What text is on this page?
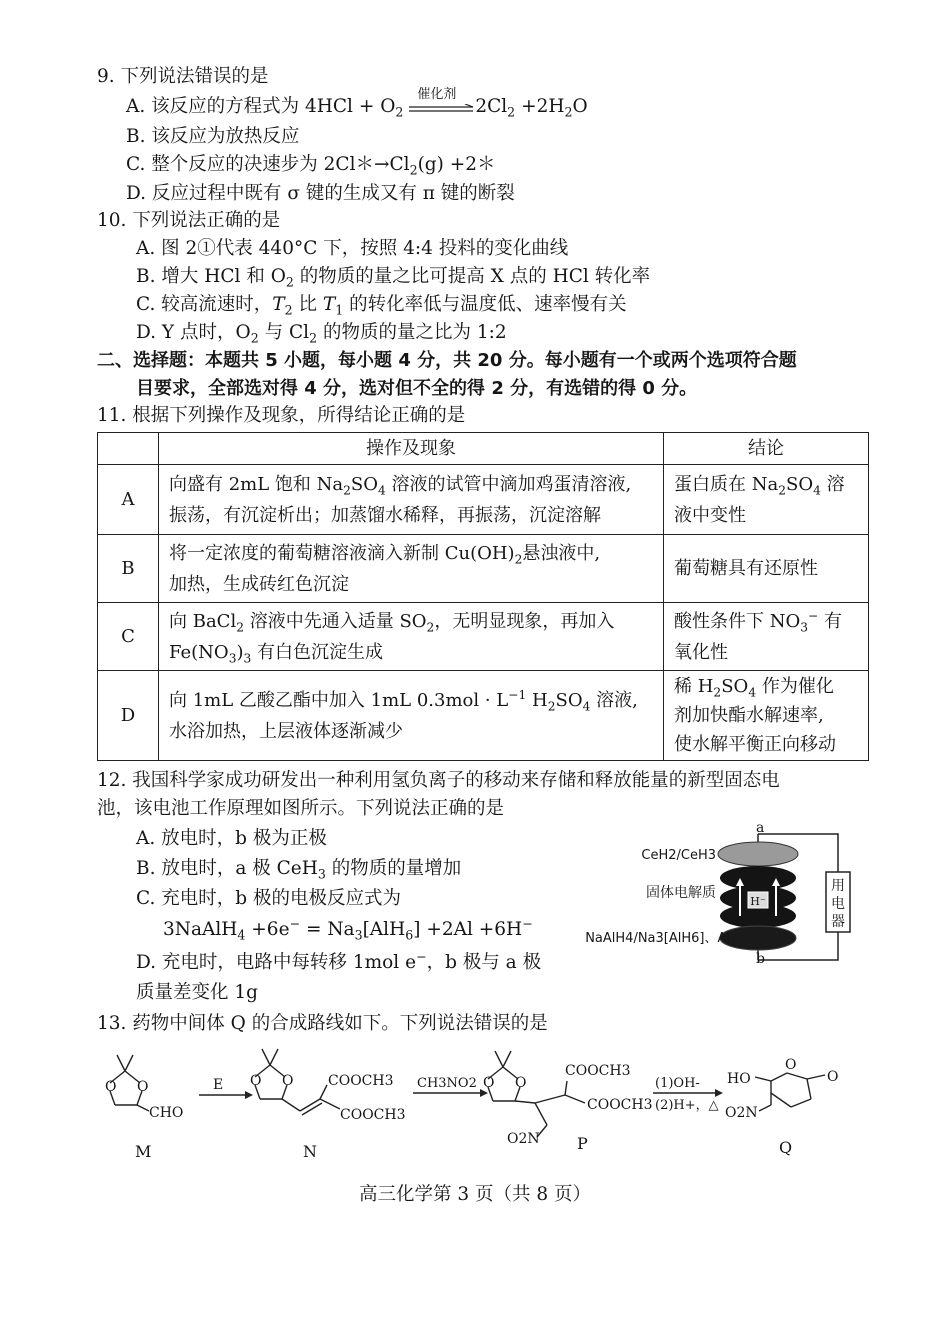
9. 下列说法错误的是
A. 该反应的方程式为 $4HCl + O_2$
催化剂
$2Cl_2 +2H_2O$
B. 该反应为放热反应
C. 整个反应的决速步为 $2Cl*\to Cl_2(g)$ +2＊
D. 反应过程中既有 σ 键的生成又有 π 键的断裂
10. 下列说法正确的是
A. 图 2①代表 440°C 下，按照 4:4 投料的变化曲线
B. 增大 HCl 和 $O_2$ 的物质的量之比可提高 X 点的 HCl 转化率
C. 较高流速时，$T_2$ 比 $T_1$ 的转化率低与温度低、速率慢有关
D. Y 点时，$O_2$ 与 $Cl_2$ 的物质的量之比为 1:2
二、选择题：本题共 5 小题，每小题 4 分，共 20 分。每小题有一个或两个选项符合题
目要求，全部选对得 4 分，选对但不全的得 2 分，有选错的得 0 分。
11. 根据下列操作及现象，所得结论正确的是
	操作及现象	结论
A	向盛有 2mL 饱和 $Na_2SO_4$ 溶液的试管中滴加鸡蛋清溶液,
振荡，有沉淀析出；加蒸馏水稀释，再振荡，沉淀溶解	蛋白质在 $Na_2SO_4$ 溶
液中变性
B	将一定浓度的葡萄糖溶液滴入新制 $Cu(OH)_2$悬浊液中,
加热，生成砖红色沉淀	葡萄糖具有还原性
C	向 BaCl$_2$ 溶液中先通入适量 $SO_2$，无明显现象，再加入
$Fe(NO_3)_3$ 有白色沉淀生成	酸性条件下 $NO_3^-$ 有
氧化性
D	向 1mL 乙酸乙酯中加入 1mL $0.3mol \cdot L^{-1}$ $H_2SO_4$ 溶液,
水浴加热，上层液体逐渐减少	稀 $H_2SO_4$ 作为催化
剂加快酯水解速率,
使水解平衡正向移动
12. 我国科学家成功研发出一种利用氢负离子的移动来存储和释放能量的新型固态电
池，该电池工作原理如图所示。下列说法正确的是
A. 放电时，b 极为正极
B. 放电时，a 极 CeH$_3$ 的物质的量增加
C. 充电时，b 极的电极反应式为
3NaAlH$_4$ $+6e^- = Na_3[AlH_6] +2Al +6H^-$
D. 充电时，电路中每转移 1mol e−，b 极与 a 极
质量差变化 1g
用
电
器
H⁻
a
b
CeH2/CeH3
固体电解质
NaAlH4/Na3[AlH6]、Al
13. 药物中间体 Q 的合成路线如下。下列说法错误的是
O O	O O	O O
CHO
COOCH3
COOCH3
COOCH3
COOCH3
O2N
HO
O2N
O
O
E	CH3NO2	(1)OH-
(2)H+，△
M	N	P	Q
高三化学第 3 页（共 8 页）
